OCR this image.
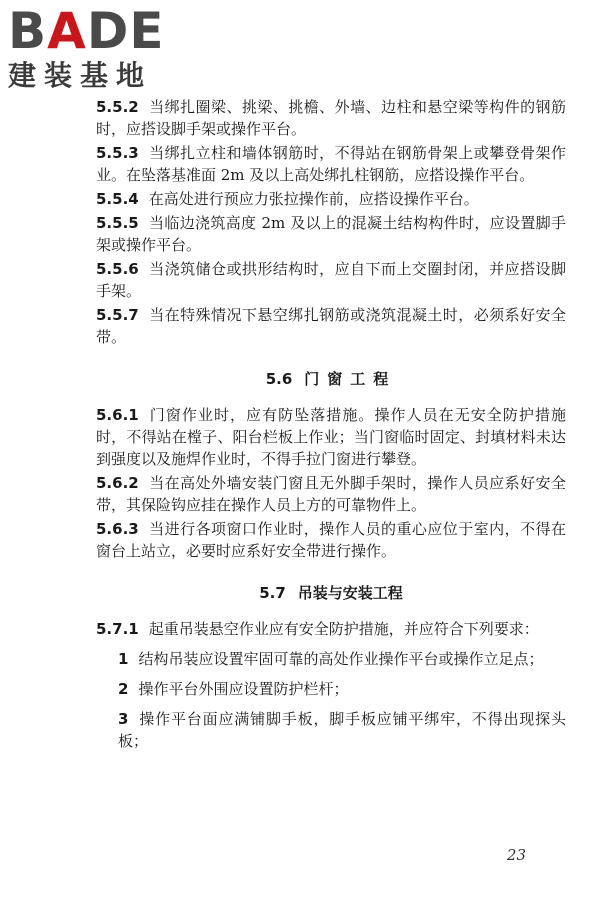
BADE
建装基地

5.5.2 当绑扎圈梁、挑梁、挑檐、外墙、边柱和悬空梁等构件的钢筋时，应搭设脚手架或操作平台。

5.5.3 当绑扎立柱和墙体钢筋时，不得站在钢筋骨架上或攀登骨架作业。在坠落基准面 2m 及以上高处绑扎柱钢筋，应搭设操作平台。

5.5.4 在高处进行预应力张拉操作前，应搭设操作平台。

5.5.5 当临边浇筑高度 2m 及以上的混凝土结构构件时，应设置脚手架或操作平台。

5.5.6 当浇筑储仓或拱形结构时，应自下而上交圈封闭，并应搭设脚手架。

5.5.7 当在特殊情况下悬空绑扎钢筋或浇筑混凝土时，必须系好安全带。

5.6 门窗工程

5.6.1 门窗作业时，应有防坠落措施。操作人员在无安全防护措施时，不得站在樘子、阳台栏板上作业；当门窗临时固定、封填材料未达到强度以及施焊作业时，不得手拉门窗进行攀登。

5.6.2 当在高处外墙安装门窗且无外脚手架时，操作人员应系好安全带，其保险钩应挂在操作人员上方的可靠物件上。

5.6.3 当进行各项窗口作业时，操作人员的重心应位于室内，不得在窗台上站立，必要时应系好安全带进行操作。

5.7 吊装与安装工程

5.7.1 起重吊装悬空作业应有安全防护措施，并应符合下列要求：

1 结构吊装应设置牢固可靠的高处作业操作平台或操作立足点；

2 操作平台外围应设置防护栏杆；

3 操作平台面应满铺脚手板，脚手板应铺平绑牢，不得出现探头板；

23
